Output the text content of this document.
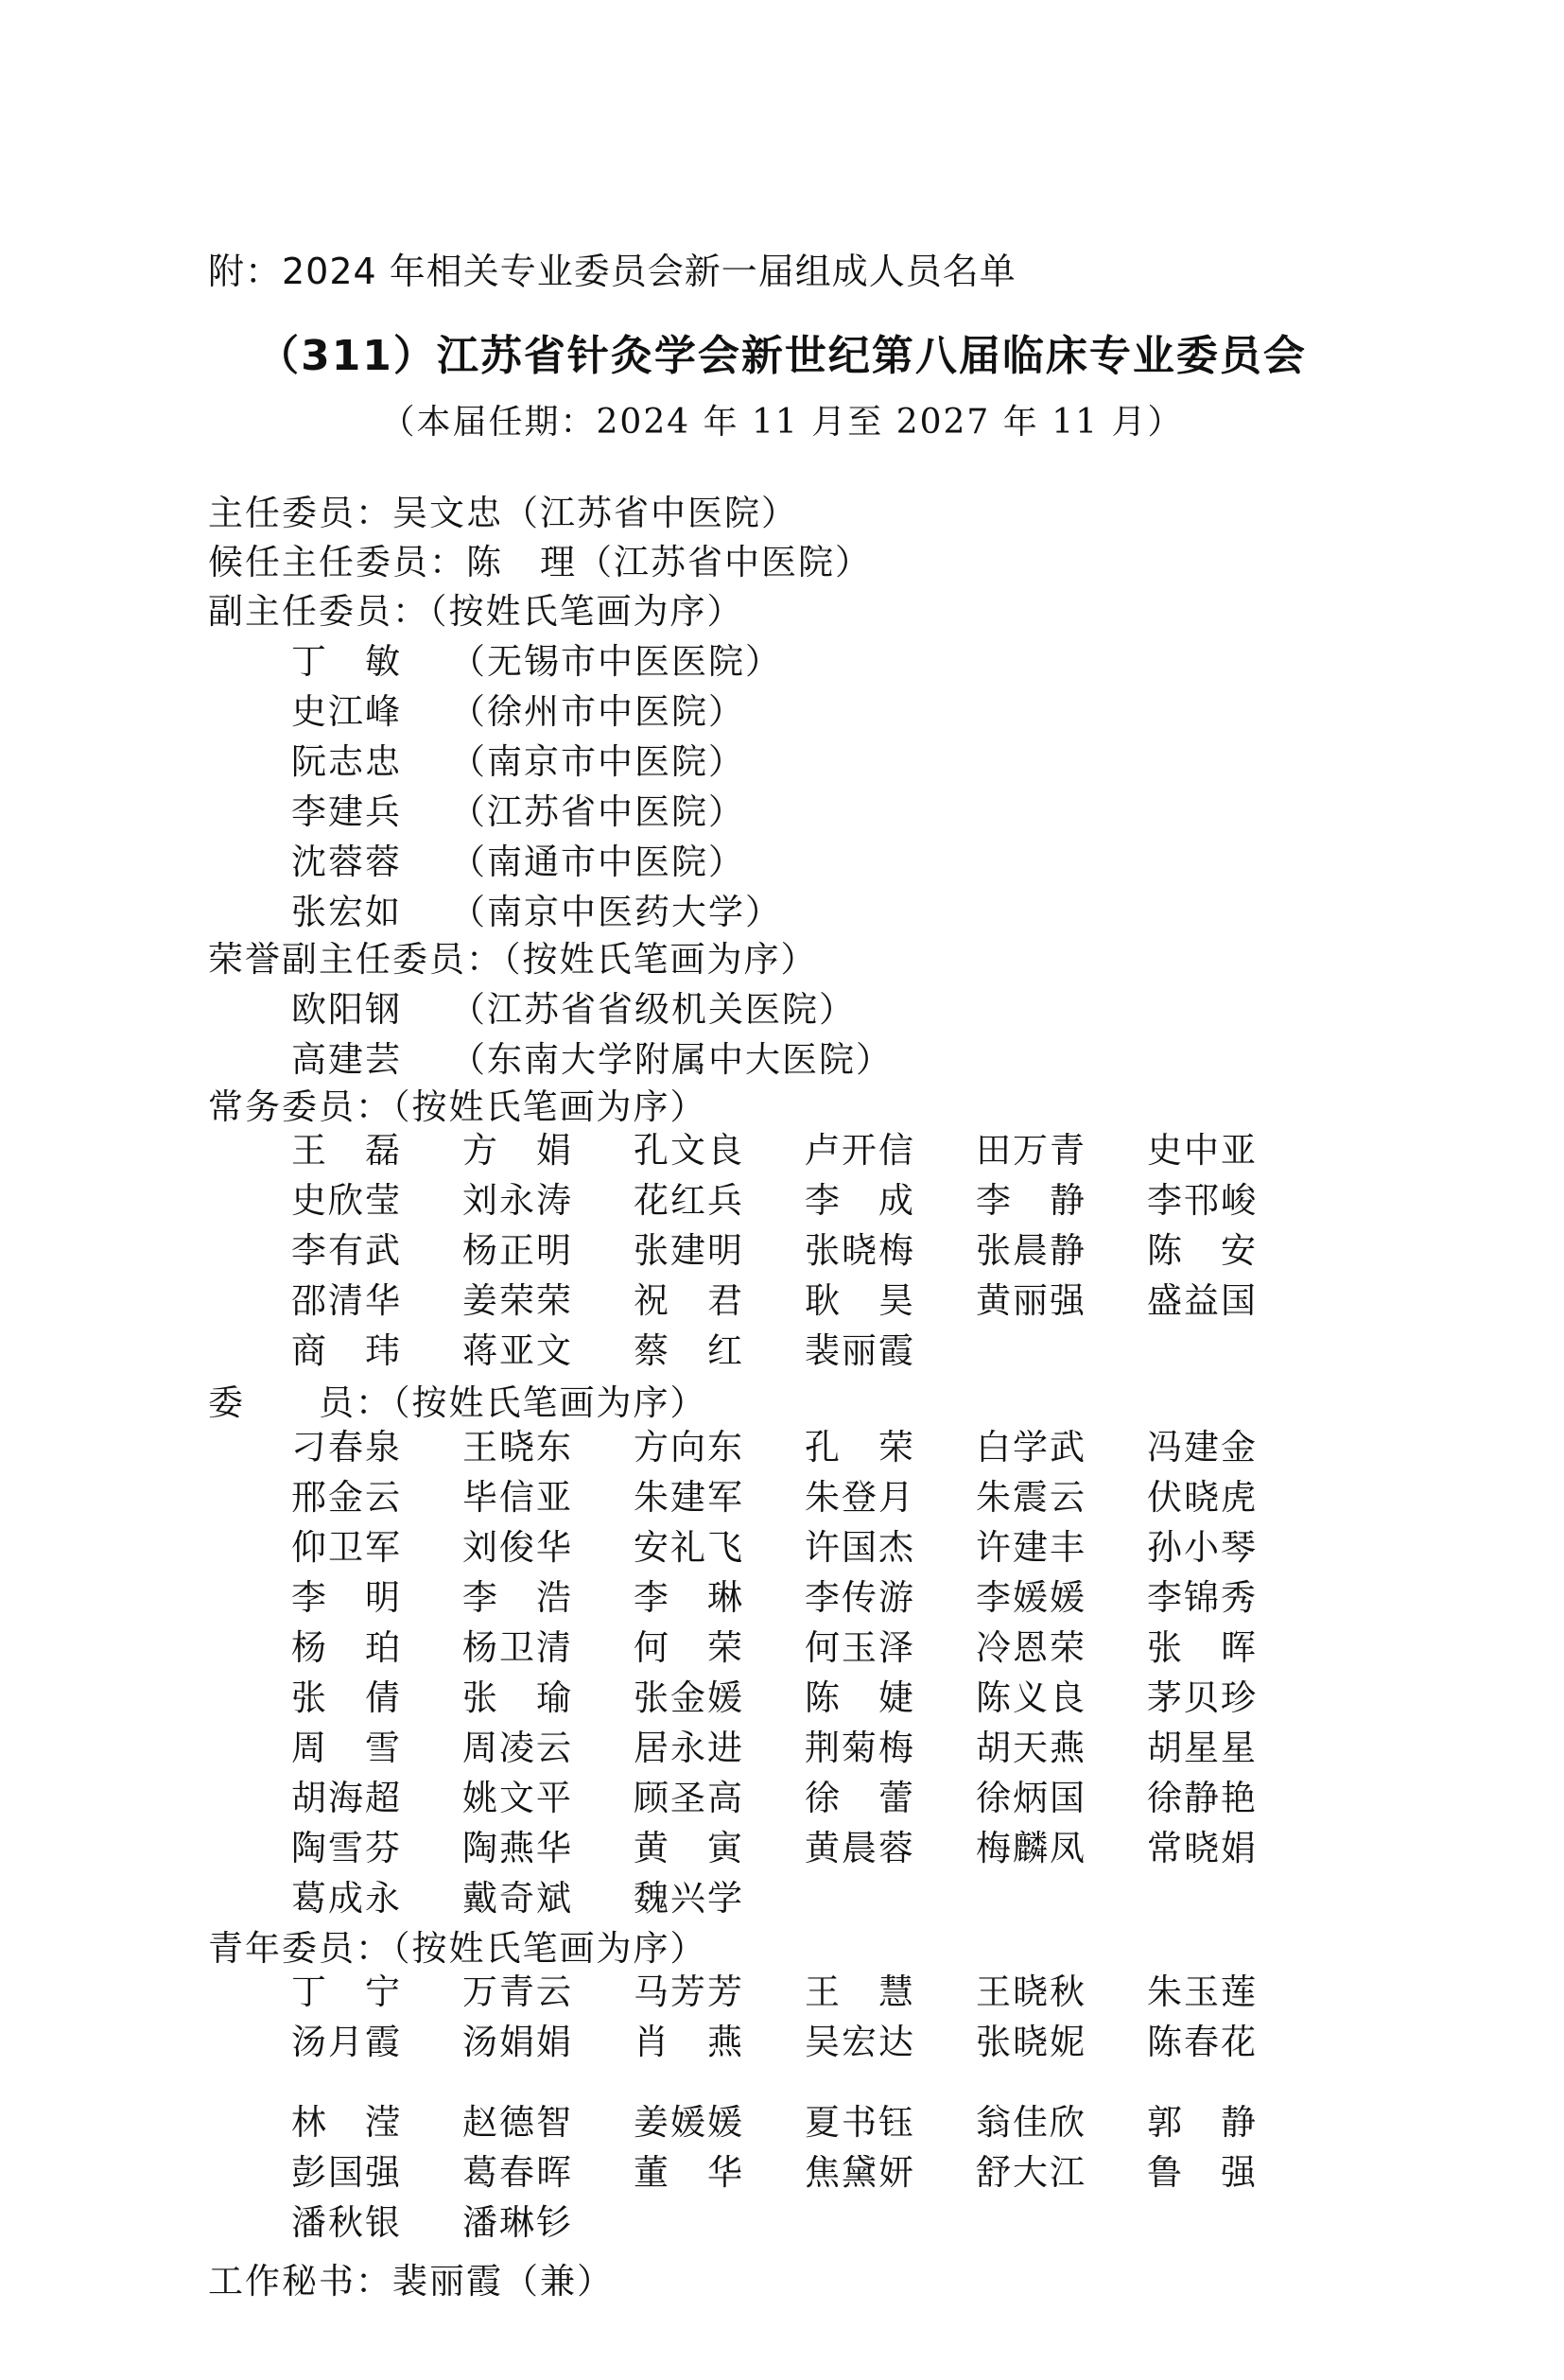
附：2024 年相关专业委员会新一届组成人员名单
（311）江苏省针灸学会新世纪第八届临床专业委员会
（本届任期：2024 年 11 月至 2027 年 11 月）
主任委员：吴文忠（江苏省中医院）
候任主任委员：陈　理（江苏省中医院）
副主任委员：（按姓氏笔画为序）
丁　敏 （无锡市中医医院）
史江峰 （徐州市中医院）
阮志忠 （南京市中医院）
李建兵 （江苏省中医院）
沈蓉蓉 （南通市中医院）
张宏如 （南京中医药大学）
荣誉副主任委员：（按姓氏笔画为序）
欧阳钢 （江苏省省级机关医院）
高建芸 （东南大学附属中大医院）
常务委员：（按姓氏笔画为序）
王　磊	方　娟	孔文良	卢开信	田万青	史中亚
史欣莹	刘永涛	花红兵	李　成	李　静	李邗峻
李有武	杨正明	张建明	张晓梅	张晨静	陈　安
邵清华	姜荣荣	祝　君	耿　昊	黄丽强	盛益国
商　玮	蒋亚文	蔡　红	裴丽霞
委　　员：（按姓氏笔画为序）
刁春泉	王晓东	方向东	孔　荣	白学武	冯建金
邢金云	毕信亚	朱建军	朱登月	朱震云	伏晓虎
仰卫军	刘俊华	安礼飞	许国杰	许建丰	孙小琴
李　明	李　浩	李　琳	李传游	李媛媛	李锦秀
杨　珀	杨卫清	何　荣	何玉泽	冷恩荣	张　晖
张　倩	张　瑜	张金媛	陈　婕	陈义良	茅贝珍
周　雪	周凌云	居永进	荆菊梅	胡天燕	胡星星
胡海超	姚文平	顾圣高	徐　蕾	徐炳国	徐静艳
陶雪芬	陶燕华	黄　寅	黄晨蓉	梅麟凤	常晓娟
葛成永	戴奇斌	魏兴学
青年委员：（按姓氏笔画为序）
丁　宁	万青云	马芳芳	王　慧	王晓秋	朱玉莲
汤月霞	汤娟娟	肖　燕	吴宏达	张晓妮	陈春花
林　滢	赵德智	姜媛媛	夏书钰	翁佳欣	郭　静
彭国强	葛春晖	董　华	焦黛妍	舒大江	鲁　强
潘秋银	潘琳钐
工作秘书：裴丽霞（兼）
